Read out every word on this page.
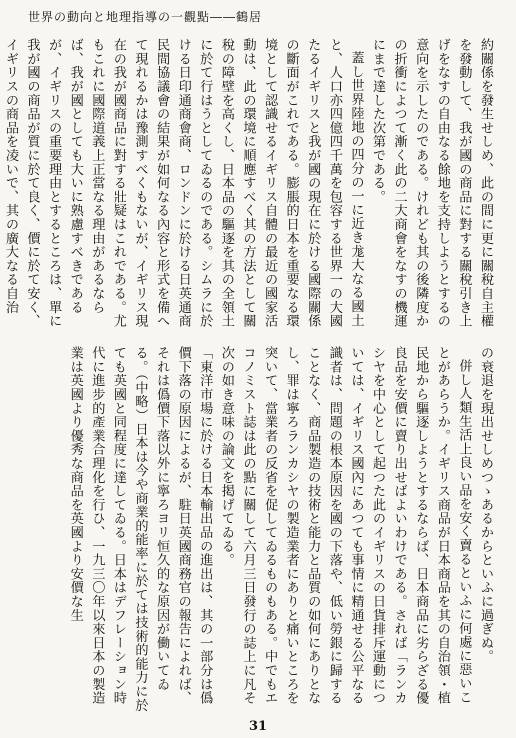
世界の動向と地理指導の一觀點――鶴居

約關係を發生せしめ、此の間に更に關稅自主權を發動して、我が國の商品に對する關稅引き上げをなすの自由なる餘地を支持しようとするの意向を示したのである。けれども其の後隣度かの折衝によつて漸く此の二大商會をなすの機運にまで達した次第である。

蓋し世界陸地の四分の一に近き尨大なる國土と、人口亦四億四千萬を包容する世界一の大國たるイギリスと我が國の現在に於ける國際關係の斷面がこれである。膨脹的日本を重要なる環境として認識せるイギリス自體の最近の國家活動は、此の環境に順應すべく其の方法として關稅の障壁を高くし、日本品の驅逐を其の全領土に於て行はうとしてゐるのである。シムラに於ける日印通商會商、ロンドンに於ける日英通商民間協議會の結果が如何なる內容と形式を備へて現れるかは豫測すべくもないが、イギリス現在の我が國商品に對する壯疑はこれである。尤もこれに國際道義上正當なる理由があるならば、我が國としても大いに熟慮すべきであるが、イギリスの重要理由とするところは、單に我が國の商品が質に於て良く、價に於て安く、イギリスの商品を凌いで、其の廣大なる自治

の衰退を現出せしめつゝあるからといふに過ぎぬ。

併し人類生活上良い品を安く賣るといふに何處に惡いことがあらうか。イギリス商品が日本商品を其の自治領・植民地から驅逐しようとするならば、日本商品に劣らざる優良品を安價に賣り出せばよいわけである。されば「ランカシヤを中心として起つた此のイギリスの日貨排斥運動については、イギリス國內にあつても事情に精通せる公平なる識者は、問題の根本原因を國の下落や、低い勞銀に歸することなく、商品製造の技術と能力と品質の如何にありとなし、罪は寧ろランカシヤの製造業者にありと痛いところを突いて、當業者の反省を促してゐるものもある。中でもエコノミスト誌は此の點に關して六月三日發行の誌上に凡そ次の如き意味の論文を掲げてゐる。

「東洋市場に於ける日本輸出品の進出は、其の一部分は僞價下落の原因によるが、駐日英國商務官の報告によれば、それは僞價下落以外に寧ろヨリ恒久的な原因が働いてゐる。（中略）日本は今や商業的能率に於ては技術的能力に於ても英國と同程度に達してゐる。日本はデフレーション時代に進步的產業合理化を行ひ、一九三〇年以來日本の製造業は英國より優秀な商品を英國より安價な生

31
